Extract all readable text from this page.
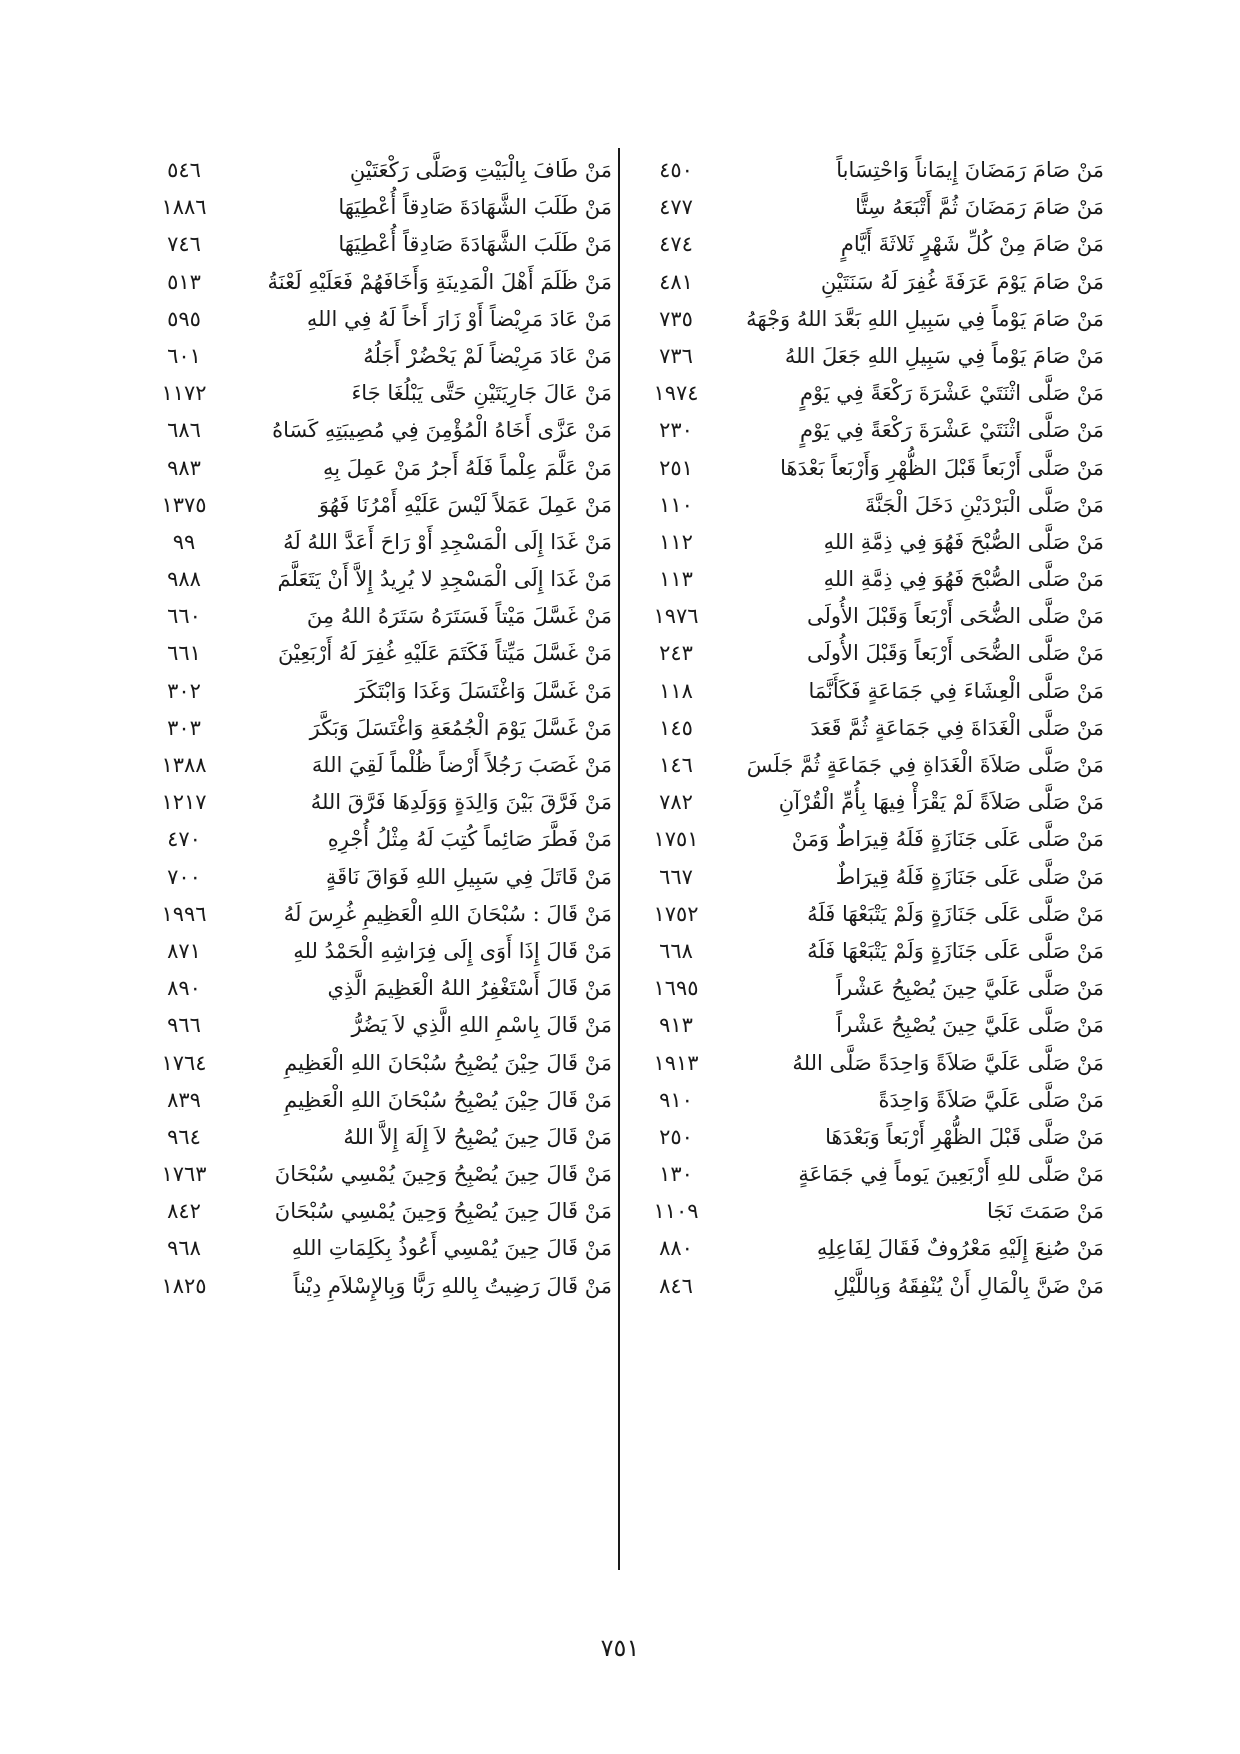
مَنْ صَامَ رَمَضَانَ إِيمَاناً وَاحْتِسَاباً
٤٥٠
مَنْ صَامَ رَمَضَانَ ثُمَّ أَتْبَعَهُ سِتًّا
٤٧٧
مَنْ صَامَ مِنْ كُلِّ شَهْرٍ ثَلاثَةَ أَيَّامٍ
٤٧٤
مَنْ صَامَ يَوْمَ عَرَفَةَ غُفِرَ لَهُ سَنَتَيْنِ
٤٨١
مَنْ صَامَ يَوْماً فِي سَبِيلِ اللهِ بَعَّدَ اللهُ وَجْهَهُ
٧٣٥
مَنْ صَامَ يَوْماً فِي سَبِيلِ اللهِ جَعَلَ اللهُ
٧٣٦
مَنْ صَلَّى اثْنَتَيْ عَشْرَةَ رَكْعَةً فِي يَوْمٍ
١٩٧٤
مَنْ صَلَّى اثْنَتَيْ عَشْرَةَ رَكْعَةً فِي يَوْمٍ
٢٣٠
مَنْ صَلَّى أَرْبَعاً قَبْلَ الظُّهْرِ وَأَرْبَعاً بَعْدَهَا
٢٥١
مَنْ صَلَّى الْبَرْدَيْنِ دَخَلَ الْجَنَّةَ
١١٠
مَنْ صَلَّى الصُّبْحَ فَهُوَ فِي ذِمَّةِ اللهِ
١١٢
مَنْ صَلَّى الصُّبْحَ فَهُوَ فِي ذِمَّةِ اللهِ
١١٣
مَنْ صَلَّى الضُّحَى أَرْبَعاً وَقَبْلَ الأُولَى
١٩٧٦
مَنْ صَلَّى الضُّحَى أَرْبَعاً وَقَبْلَ الأُولَى
٢٤٣
مَنْ صَلَّى الْعِشَاءَ فِي جَمَاعَةٍ فَكَأَنَّمَا
١١٨
مَنْ صَلَّى الْغَدَاةَ فِي جَمَاعَةٍ ثُمَّ قَعَدَ
١٤٥
مَنْ صَلَّى صَلاَةَ الْغَدَاةِ فِي جَمَاعَةٍ ثُمَّ جَلَسَ
١٤٦
مَنْ صَلَّى صَلاَةً لَمْ يَقْرَأْ فِيهَا بِأُمِّ الْقُرْآنِ
٧٨٢
مَنْ صَلَّى عَلَى جَنَازَةٍ فَلَهُ قِيرَاطٌ وَمَنْ
١٧٥١
مَنْ صَلَّى عَلَى جَنَازَةٍ فَلَهُ قِيرَاطٌ
٦٦٧
مَنْ صَلَّى عَلَى جَنَازَةٍ وَلَمْ يَتْبَعْهَا فَلَهُ
١٧٥٢
مَنْ صَلَّى عَلَى جَنَازَةٍ وَلَمْ يَتْبَعْهَا فَلَهُ
٦٦٨
مَنْ صَلَّى عَلَيَّ حِينَ يُصْبِحُ عَشْراً
١٦٩٥
مَنْ صَلَّى عَلَيَّ حِينَ يُصْبِحُ عَشْراً
٩١٣
مَنْ صَلَّى عَلَيَّ صَلاَةً وَاحِدَةً صَلَّى اللهُ
١٩١٣
مَنْ صَلَّى عَلَيَّ صَلاَةً وَاحِدَةً
٩١٠
مَنْ صَلَّى قَبْلَ الظُّهْرِ أَرْبَعاً وَبَعْدَهَا
٢٥٠
مَنْ صَلَّى للهِ أَرْبَعِينَ يَوماً فِي جَمَاعَةٍ
١٣٠
مَنْ صَمَتَ نَجَا
١١٠٩
مَنْ صُنِعَ إِلَيْهِ مَعْرُوفٌ فَقَالَ لِفَاعِلِهِ
٨٨٠
مَنْ ضَنَّ بِالْمَالِ أَنْ يُنْفِقَهُ وَبِاللَّيْلِ
٨٤٦
مَنْ طَافَ بِالْبَيْتِ وَصَلَّى رَكْعَتَيْنِ
٥٤٦
مَنْ طَلَبَ الشَّهَادَةَ صَادِقاً أُعْطِيَهَا
١٨٨٦
مَنْ طَلَبَ الشَّهَادَةَ صَادِقاً أُعْطِيَهَا
٧٤٦
مَنْ ظَلَمَ أَهْلَ الْمَدِينَةِ وَأَخَافَهُمْ فَعَلَيْهِ لَعْنَةُ
٥١٣
مَنْ عَادَ مَرِيْضاً أَوْ زَارَ أَخاً لَهُ فِي اللهِ
٥٩٥
مَنْ عَادَ مَرِيْضاً لَمْ يَحْضُرْ أَجَلُهُ
٦٠١
مَنْ عَالَ جَارِيَتَيْنِ حَتَّى يَبْلُغَا جَاءَ
١١٧٢
مَنْ عَزَّى أَخَاهُ الْمُؤْمِنَ فِي مُصِيبَتِهِ كَسَاهُ
٦٨٦
مَنْ عَلَّمَ عِلْماً فَلَهُ أَجرُ مَنْ عَمِلَ بِهِ
٩٨٣
مَنْ عَمِلَ عَمَلاً لَيْسَ عَلَيْهِ أَمْرُنَا فَهُوَ
١٣٧٥
مَنْ غَدَا إِلَى الْمَسْجِدِ أَوْ رَاحَ أَعَدَّ اللهُ لَهُ
٩٩
مَنْ غَدَا إِلَى الْمَسْجِدِ لا يُرِيدُ إِلاَّ أَنْ يَتَعَلَّمَ
٩٨٨
مَنْ غَسَّلَ مَيْتاً فَسَتَرَهُ سَتَرَهُ اللهُ مِنَ
٦٦٠
مَنْ غَسَّلَ مَيِّتاً فَكَتَمَ عَلَيْهِ غُفِرَ لَهُ أَرْبَعِيْنَ
٦٦١
مَنْ غَسَّلَ وَاغْتَسَلَ وَغَدَا وَابْتَكَرَ
٣٠٢
مَنْ غَسَّلَ يَوْمَ الْجُمُعَةِ وَاغْتَسَلَ وَبَكَّرَ
٣٠٣
مَنْ غَصَبَ رَجُلاً أَرْضاً ظُلْماً لَقِيَ اللهَ
١٣٨٨
مَنْ فَرَّقَ بَيْنَ وَالِدَةٍ وَوَلَدِهَا فَرَّقَ اللهُ
١٢١٧
مَنْ فَطَّرَ صَائِماً كُتِبَ لَهُ مِثْلُ أُجْرِهِ
٤٧٠
مَنْ قَاتَلَ فِي سَبِيلِ اللهِ فَوَاقَ نَاقَةٍ
٧٠٠
مَنْ قَالَ : سُبْحَانَ اللهِ الْعَظِيمِ غُرِسَ لَهُ
١٩٩٦
مَنْ قَالَ إِذَا أَوَى إِلَى فِرَاشِهِ الْحَمْدُ للهِ
٨٧١
مَنْ قَالَ أَسْتَغْفِرُ اللهُ الْعَظِيمَ الَّذِي
٨٩٠
مَنْ قَالَ بِاسْمِ اللهِ الَّذِي لاَ يَضُرُّ
٩٦٦
مَنْ قَالَ حِيْنَ يُصْبِحُ سُبْحَانَ اللهِ الْعَظِيمِ
١٧٦٤
مَنْ قَالَ حِيْنَ يُصْبِحُ سُبْحَانَ اللهِ الْعَظِيمِ
٨٣٩
مَنْ قَالَ حِينَ يُصْبِحُ لاَ إِلَهَ إِلاَّ اللهُ
٩٦٤
مَنْ قَالَ حِينَ يُصْبِحُ وَحِينَ يُمْسِي سُبْحَانَ
١٧٦٣
مَنْ قَالَ حِينَ يُصْبِحُ وَحِينَ يُمْسِي سُبْحَانَ
٨٤٢
مَنْ قَالَ حِينَ يُمْسِي أَعُوذُ بِكَلِمَاتِ اللهِ
٩٦٨
مَنْ قَالَ رَضِيتُ بِاللهِ رَبًّا وَبِالإِسْلاَمِ دِيْناً
١٨٢٥
٧٥١
